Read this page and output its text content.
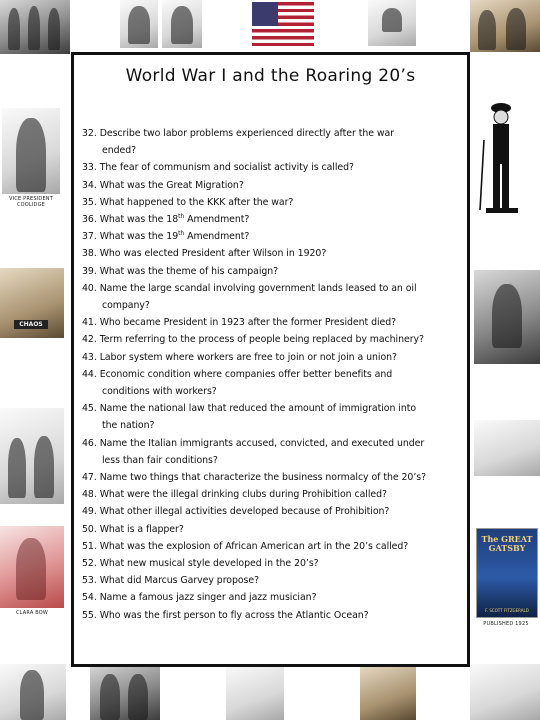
VICE PRESIDENT
COOLIDGE
CHAOS
CLARA BOW
The GREAT GATSBY
F. SCOTT FITZGERALD
PUBLISHED 1925
World War I and the Roaring 20’s
32. Describe two labor problems experienced directly after the war
ended?
33. The fear of communism and socialist activity is called?
34. What was the Great Migration?
35. What happened to the KKK after the war?
36. What was the 18th Amendment?
37. What was the 19th Amendment?
38. Who was elected President after Wilson in 1920?
39. What was the theme of his campaign?
40. Name the large scandal involving government lands leased to an oil
company?
41. Who became President in 1923 after the former President died?
42. Term referring to the process of people being replaced by machinery?
43. Labor system where workers are free to join or not join a union?
44. Economic condition where companies offer better benefits and
conditions with workers?
45. Name the national law that reduced the amount of immigration into
the nation?
46. Name the Italian immigrants accused, convicted, and executed under
less than fair conditions?
47. Name two things that characterize the business normalcy of the 20’s?
48. What were the illegal drinking clubs during Prohibition called?
49. What other illegal activities developed because of Prohibition?
50. What is a flapper?
51. What was the explosion of African American art in the 20’s called?
52. What new musical style developed in the 20’s?
53. What did Marcus Garvey propose?
54. Name a famous jazz singer and jazz musician?
55. Who was the first person to fly across the Atlantic Ocean?
